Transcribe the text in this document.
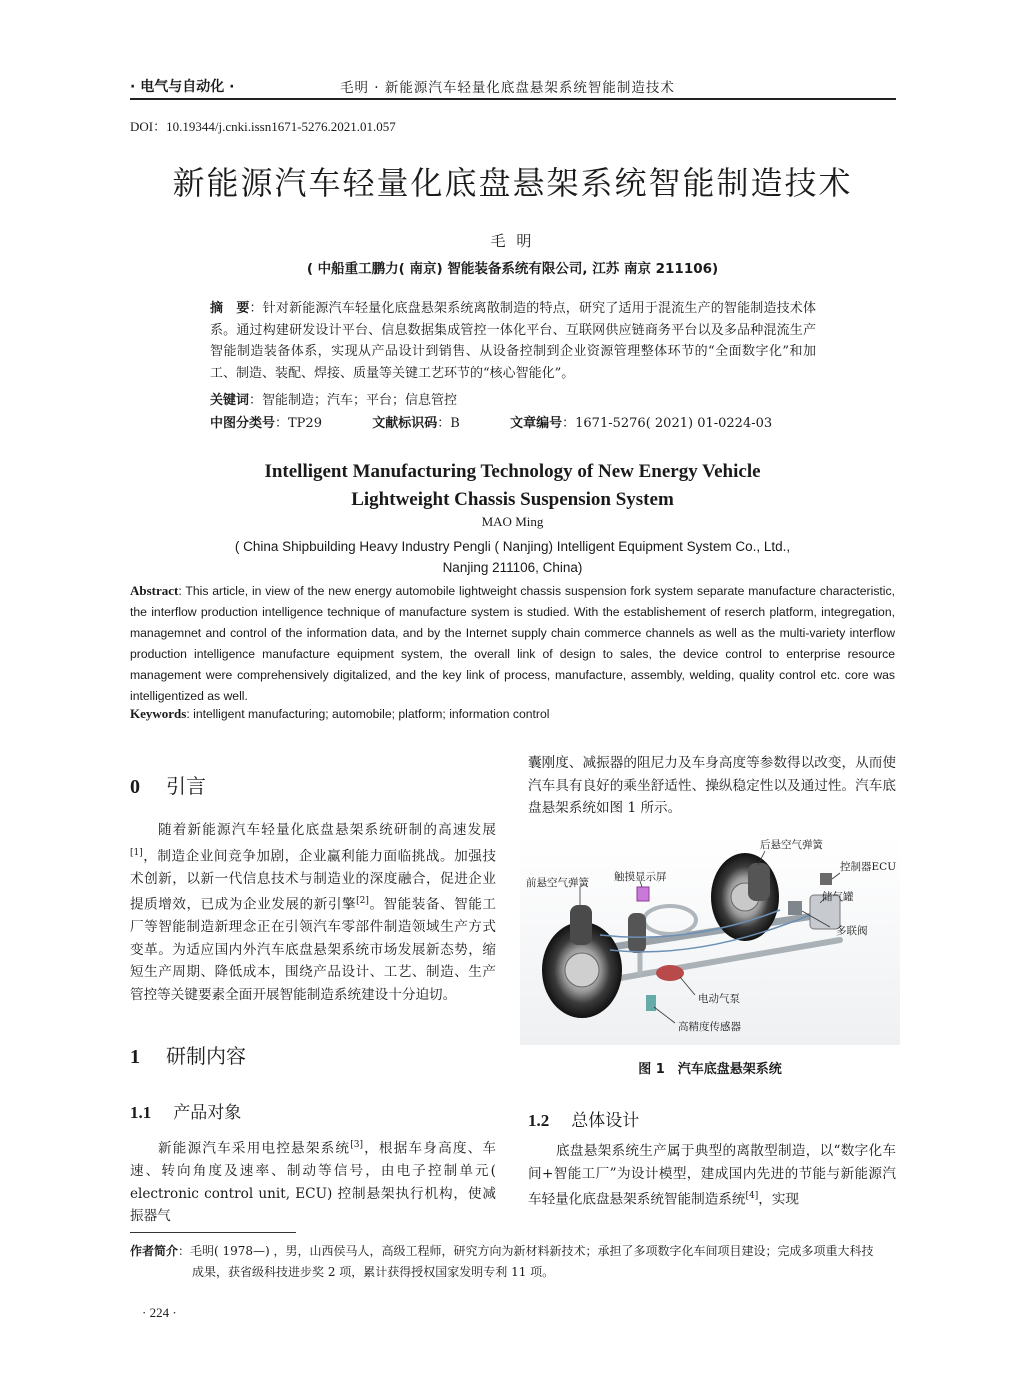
· 电气与自动化 ·	毛明 · 新能源汽车轻量化底盘悬架系统智能制造技术
DOI：10.19344/j.cnki.issn1671-5276.2021.01.057
新能源汽车轻量化底盘悬架系统智能制造技术
毛 明
( 中船重工鹏力( 南京) 智能装备系统有限公司, 江苏 南京 211106)
摘　要：针对新能源汽车轻量化底盘悬架系统离散制造的特点，研究了适用于混流生产的智能制造技术体系。通过构建研发设计平台、信息数据集成管控一体化平台、互联网供应链商务平台以及多品种混流生产智能制造装备体系，实现从产品设计到销售、从设备控制到企业资源管理整体环节的“全面数字化”和加工、制造、装配、焊接、质量等关键工艺环节的“核心智能化”。
关键词：智能制造；汽车；平台；信息管控
中图分类号：TP29	文献标识码：B	文章编号：1671-5276( 2021) 01-0224-03
Intelligent Manufacturing Technology of New Energy Vehicle
Lightweight Chassis Suspension System
MAO Ming
( China Shipbuilding Heavy Industry Pengli ( Nanjing) Intelligent Equipment System Co., Ltd.,
Nanjing 211106, China)
Abstract: This article, in view of the new energy automobile lightweight chassis suspension fork system separate manufacture characteristic, the interflow production intelligence technique of manufacture system is studied. With the establishement of reserch platform, integregation, managemnet and control of the information data, and by the Internet supply chain commerce channels as well as the multi-variety interflow production intelligence manufacture equipment system, the overall link of design to sales, the device control to enterprise resource management were comprehensively digitalized, and the key link of process, manufacture, assembly, welding, quality control etc. core was intelligentized as well.
Keywords: intelligent manufacturing; automobile; platform; information control
0 引言
随着新能源汽车轻量化底盘悬架系统研制的高速发展[1]，制造企业间竞争加剧，企业赢利能力面临挑战。加强技术创新，以新一代信息技术与制造业的深度融合，促进企业提质增效，已成为企业发展的新引擎[2]。智能装备、智能工厂等智能制造新理念正在引领汽车零部件制造领域生产方式变革。为适应国内外汽车底盘悬架系统市场发展新态势，缩短生产周期、降低成本，围绕产品设计、工艺、制造、生产管控等关键要素全面开展智能制造系统建设十分迫切。
1 研制内容
1.1 产品对象
新能源汽车采用电控悬架系统[3]，根据车身高度、车速、转向角度及速率、制动等信号，由电子控制单元( electronic control unit, ECU) 控制悬架执行机构，使减振器气
囊刚度、减振器的阻尼力及车身高度等参数得以改变，从而使汽车具有良好的乘坐舒适性、操纵稳定性以及通过性。汽车底盘悬架系统如图 1 所示。
后悬空气弹簧
控制器ECU
前悬空气弹簧 触摸显示屏
储气罐
多联阀
电动气泵
高精度传感器
图 1　汽车底盘悬架系统
1.2 总体设计
底盘悬架系统生产属于典型的离散型制造，以“数字化车间+智能工厂”为设计模型，建成国内先进的节能与新能源汽车轻量化底盘悬架系统智能制造系统[4]，实现
作者简介：毛明( 1978—) ，男，山西侯马人，高级工程师，研究方向为新材料新技术；承担了多项数字化车间项目建设；完成多项重大科技
成果，获省级科技进步奖 2 项，累计获得授权国家发明专利 11 项。
· 224 ·
